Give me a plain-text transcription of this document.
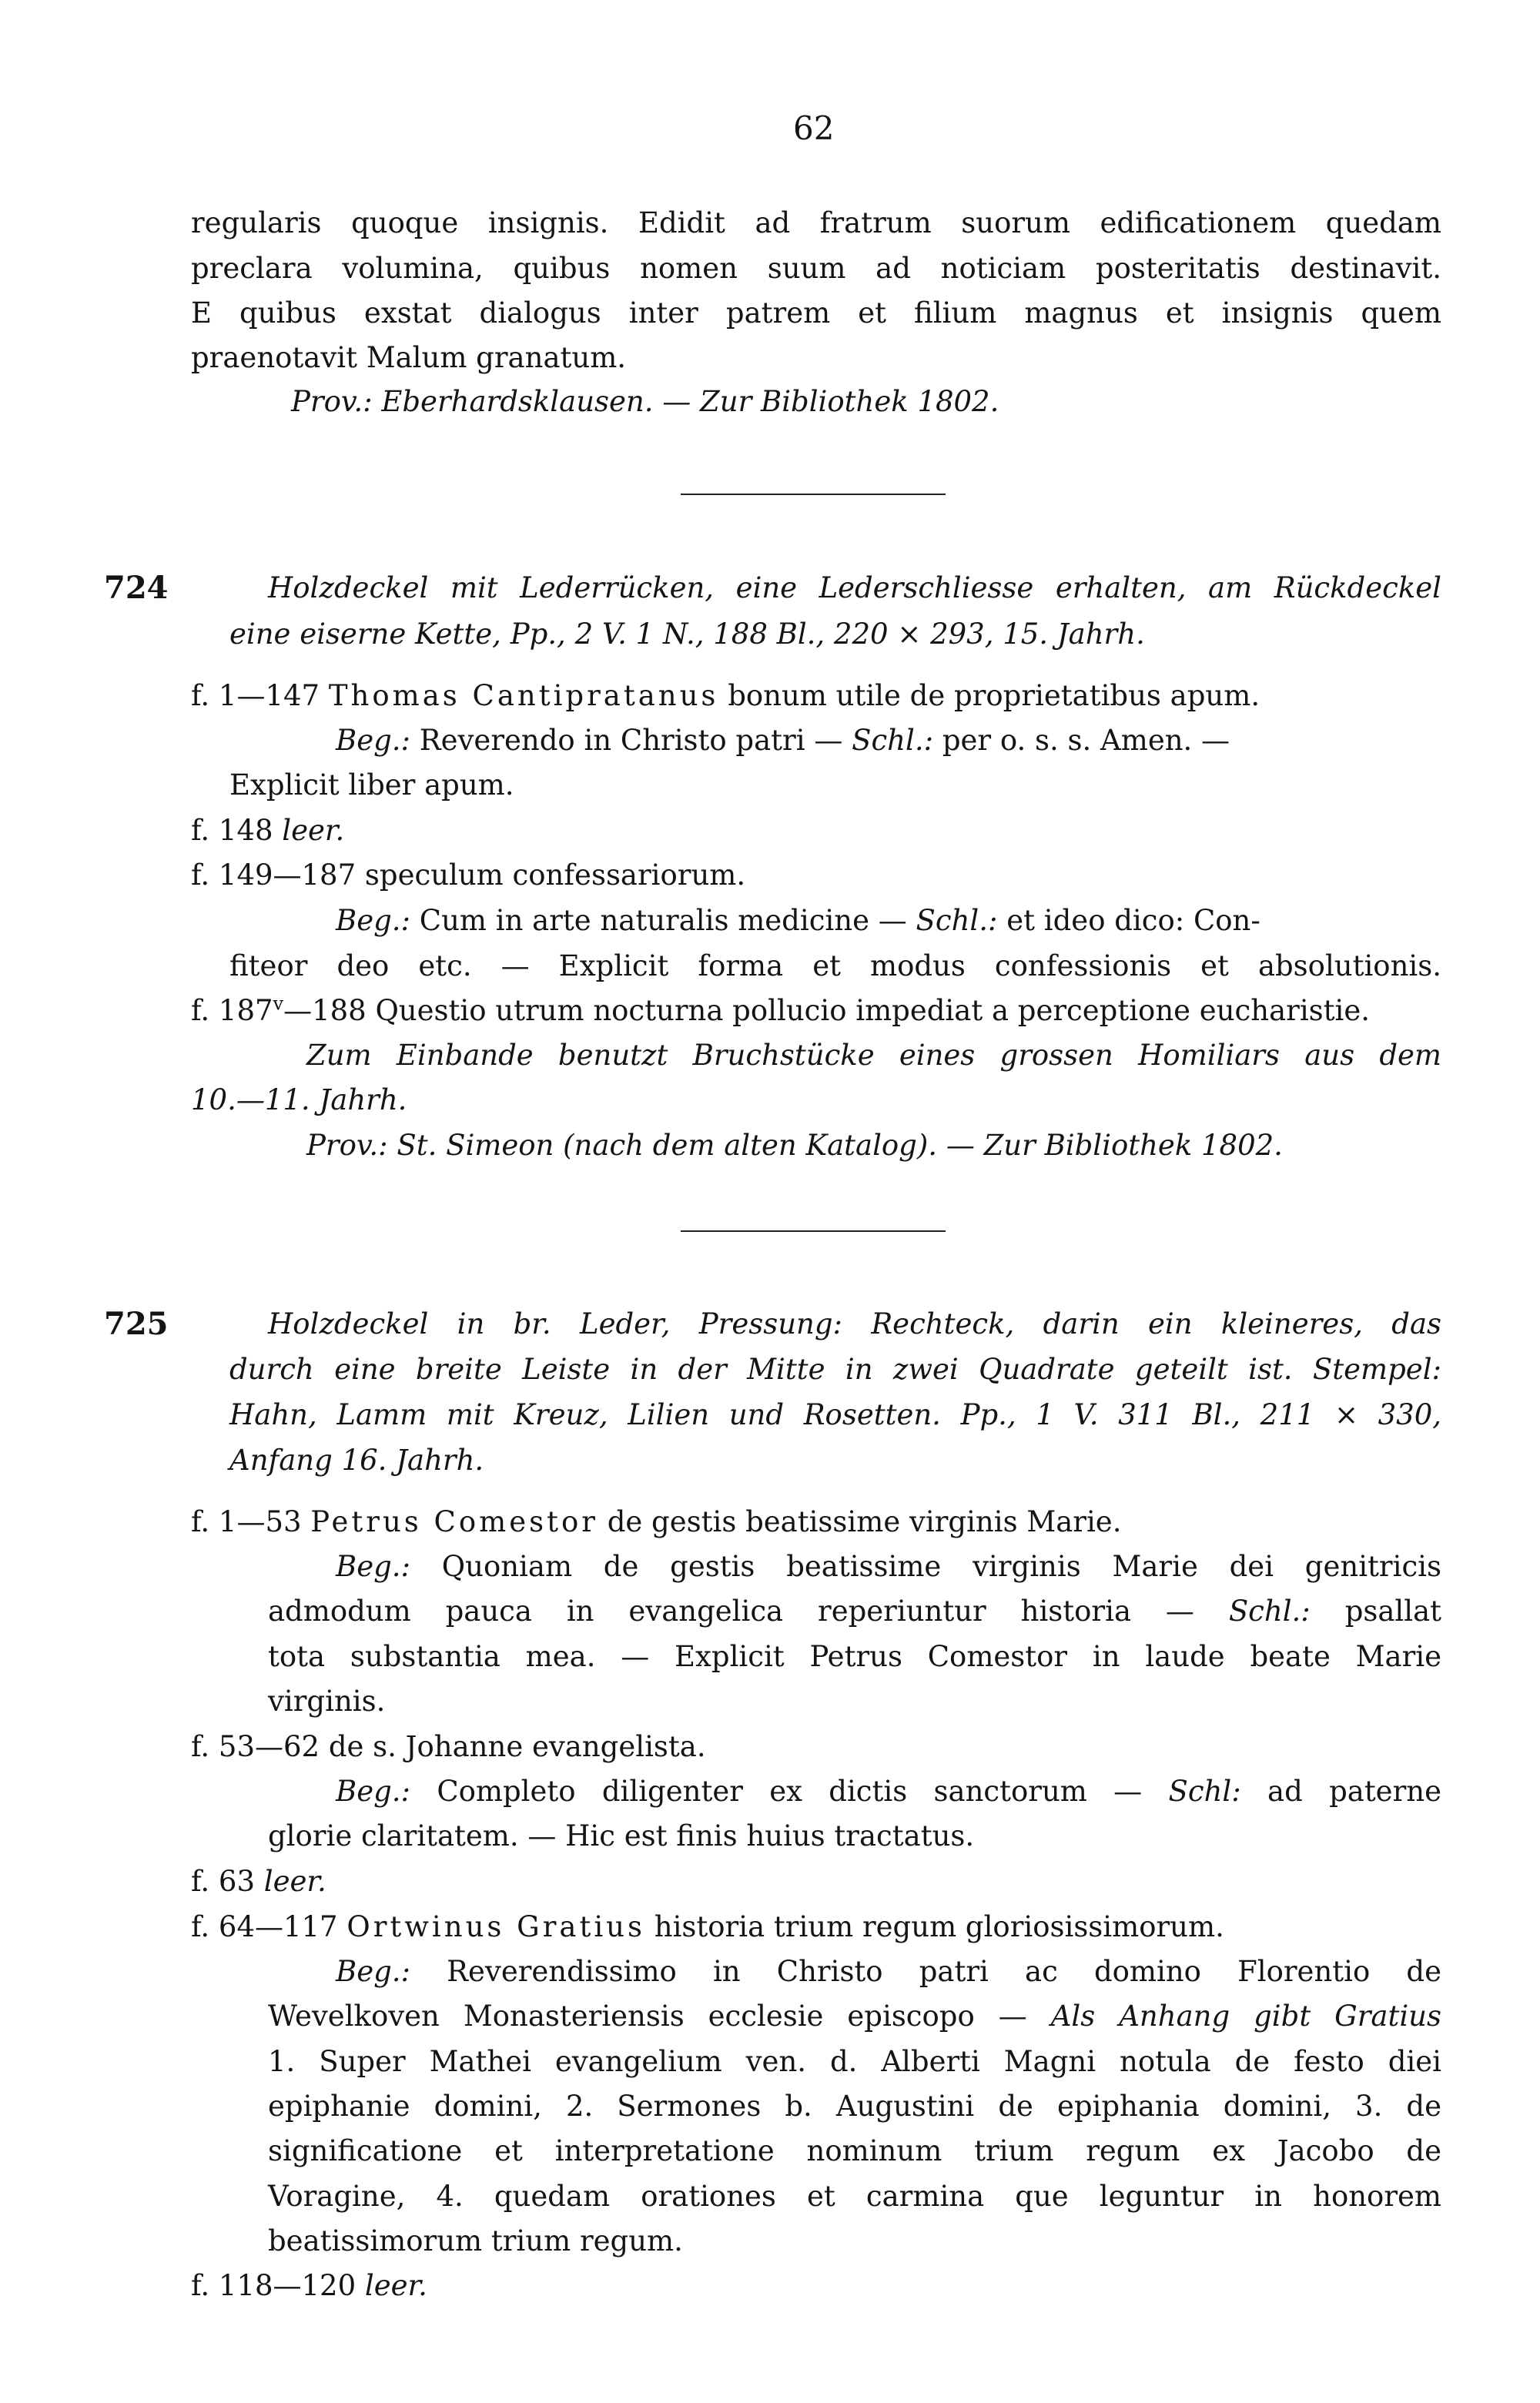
62
regularis quoque insignis. Edidit ad fratrum suorum edificationem quedam
preclara volumina, quibus nomen suum ad noticiam posteritatis destinavit.
E quibus exstat dialogus inter patrem et filium magnus et insignis quem
praenotavit Malum granatum.
Prov.: Eberhardsklausen. — Zur Bibliothek 1802.
724	Holzdeckel mit Lederrücken, eine Lederschliesse erhalten, am Rückdeckel
eine eiserne Kette, Pp., 2 V. 1 N., 188 Bl., 220 × 293, 15. Jahrh.
f. 1—147 Thomas Cantipratanus bonum utile de proprietatibus apum.
Beg.: Reverendo in Christo patri — Schl.: per o. s. s. Amen. —
Explicit liber apum.
f. 148 leer.
f. 149—187 speculum confessariorum.
Beg.: Cum in arte naturalis medicine — Schl.: et ideo dico: Con-
fiteor deo etc. — Explicit forma et modus confessionis et absolutionis.
f. 187$^v$—188 Questio utrum nocturna pollucio impediat a perceptione eucharistie.
Zum Einbande benutzt Bruchstücke eines grossen Homiliars aus dem
10.—11. Jahrh.
Prov.: St. Simeon (nach dem alten Katalog). — Zur Bibliothek 1802.
725	Holzdeckel in br. Leder, Pressung: Rechteck, darin ein kleineres, das
durch eine breite Leiste in der Mitte in zwei Quadrate geteilt ist. Stempel:
Hahn, Lamm mit Kreuz, Lilien und Rosetten. Pp., 1 V. 311 Bl., 211 × 330,
Anfang 16. Jahrh.
f. 1—53 Petrus Comestor de gestis beatissime virginis Marie.
Beg.: Quoniam de gestis beatissime virginis Marie dei genitricis
admodum pauca in evangelica reperiuntur historia — Schl.: psallat
tota substantia mea. — Explicit Petrus Comestor in laude beate Marie
virginis.
f. 53—62 de s. Johanne evangelista.
Beg.: Completo diligenter ex dictis sanctorum — Schl: ad paterne
glorie claritatem. — Hic est finis huius tractatus.
f. 63 leer.
f. 64—117 Ortwinus Gratius historia trium regum gloriosissimorum.
Beg.: Reverendissimo in Christo patri ac domino Florentio de
Wevelkoven Monasteriensis ecclesie episcopo — Als Anhang gibt Gratius
1. Super Mathei evangelium ven. d. Alberti Magni notula de festo diei
epiphanie domini, 2. Sermones b. Augustini de epiphania domini, 3. de
significatione et interpretatione nominum trium regum ex Jacobo de
Voragine, 4. quedam orationes et carmina que leguntur in honorem
beatissimorum trium regum.
f. 118—120 leer.
